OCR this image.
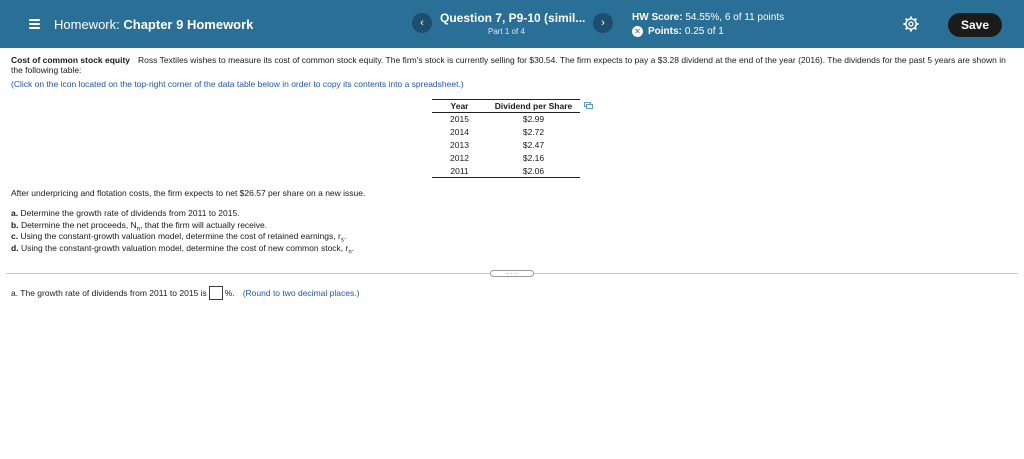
Homework: Chapter 9 Homework	‹	Question 7, P9-10 (simil...
Part 1 of 4
›	HW Score: 54.55%, 6 of 11 points
✕ Points: 0.25 of 1	Save
Cost of common stock equity Ross Textiles wishes to measure its cost of common stock equity. The firm's stock is currently selling for $30.54. The firm expects to pay a $3.28 dividend at the end of the year (2016). The dividends for the past 5 years are shown in the following table:
(Click on the icon located on the top-right corner of the data table below in order to copy its contents into a spreadsheet.)
Year	Dividend per Share
2015	$2.99
2014	$2.72
2013	$2.47
2012	$2.16
2011	$2.06
After underpricing and flotation costs, the firm expects to net $26.57 per share on a new issue.
a. Determine the growth rate of dividends from 2011 to 2015.
b. Determine the net proceeds, $N_n$, that the firm will actually receive.
c. Using the constant-growth valuation model, determine the cost of retained earnings, $r_s$.
d. Using the constant-growth valuation model, determine the cost of new common stock, $r_n$.
.....
a. The growth rate of dividends from 2011 to 2015 is %. (Round to two decimal places.)
